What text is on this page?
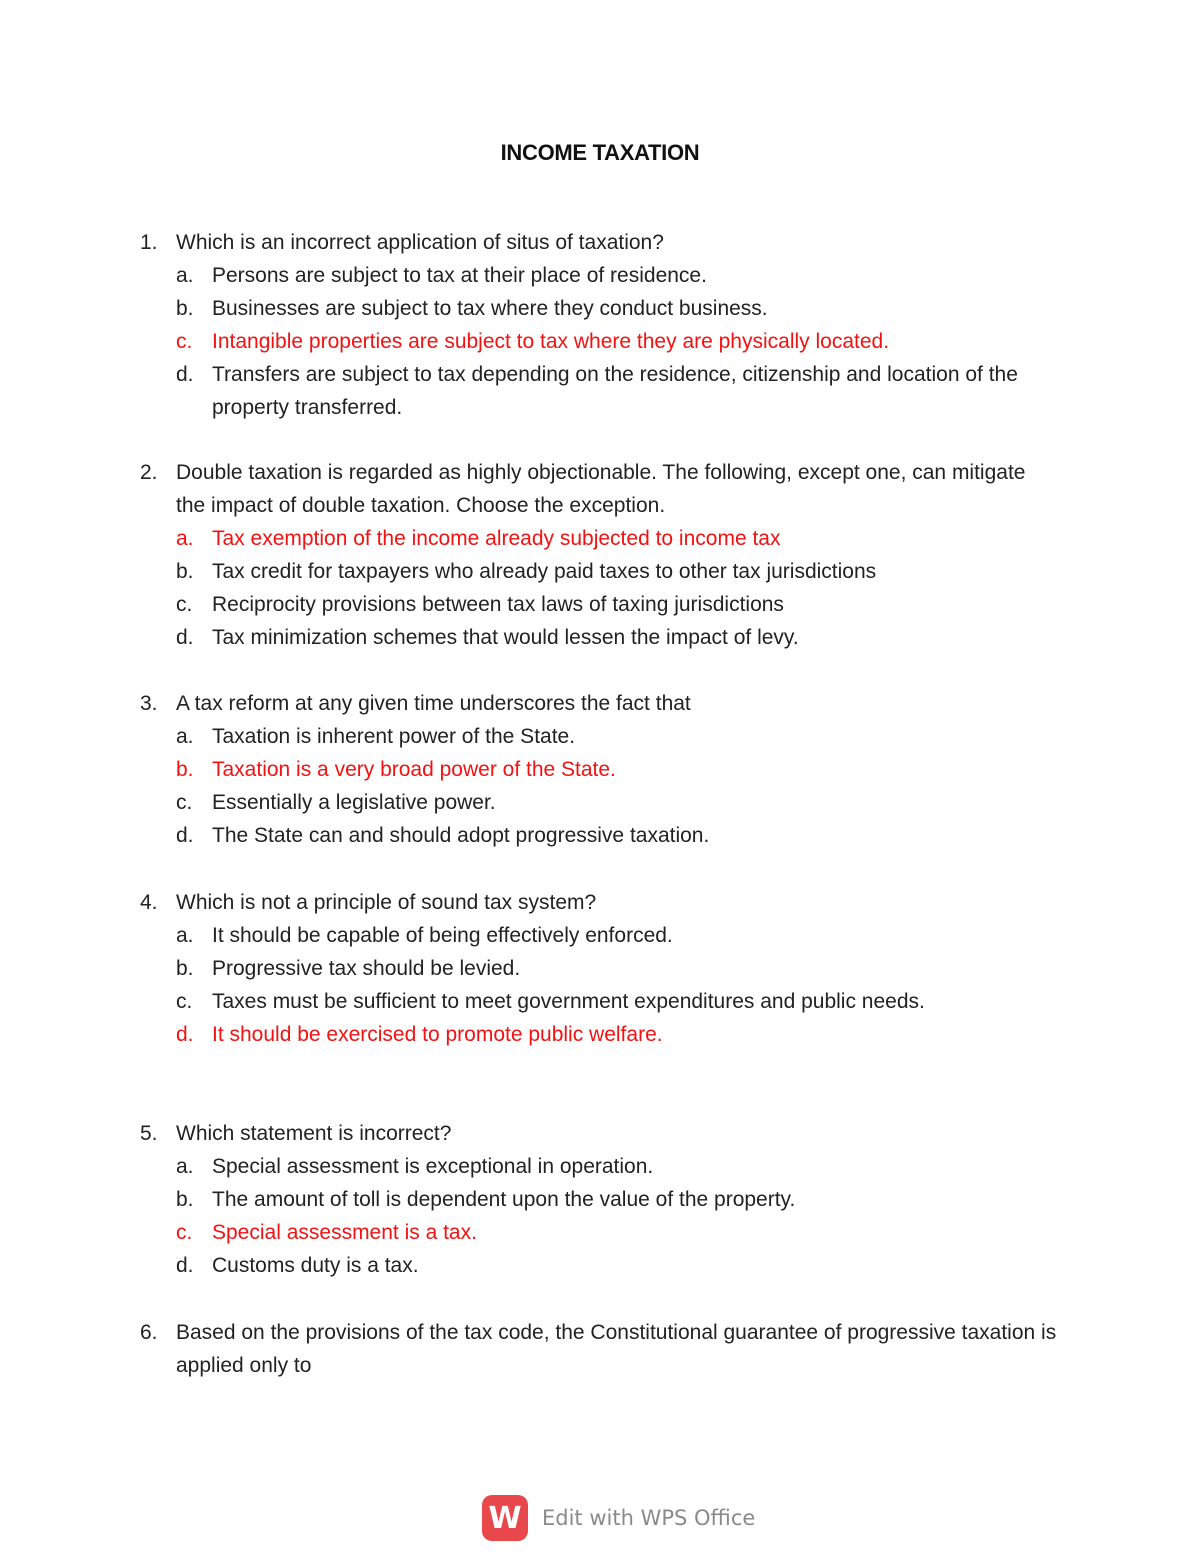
INCOME TAXATION
1. Which is an incorrect application of situs of taxation?
a. Persons are subject to tax at their place of residence.
b. Businesses are subject to tax where they conduct business.
c. Intangible properties are subject to tax where they are physically located.
d. Transfers are subject to tax depending on the residence, citizenship and location of the property transferred.
2. Double taxation is regarded as highly objectionable. The following, except one, can mitigate the impact of double taxation. Choose the exception.
a. Tax exemption of the income already subjected to income tax
b. Tax credit for taxpayers who already paid taxes to other tax jurisdictions
c. Reciprocity provisions between tax laws of taxing jurisdictions
d. Tax minimization schemes that would lessen the impact of levy.
3. A tax reform at any given time underscores the fact that
a. Taxation is inherent power of the State.
b. Taxation is a very broad power of the State.
c. Essentially a legislative power.
d. The State can and should adopt progressive taxation.
4. Which is not a principle of sound tax system?
a. It should be capable of being effectively enforced.
b. Progressive tax should be levied.
c. Taxes must be sufficient to meet government expenditures and public needs.
d. It should be exercised to promote public welfare.
5. Which statement is incorrect?
a. Special assessment is exceptional in operation.
b. The amount of toll is dependent upon the value of the property.
c. Special assessment is a tax.
d. Customs duty is a tax.
6. Based on the provisions of the tax code, the Constitutional guarantee of progressive taxation is applied only to
W Edit with WPS Office
